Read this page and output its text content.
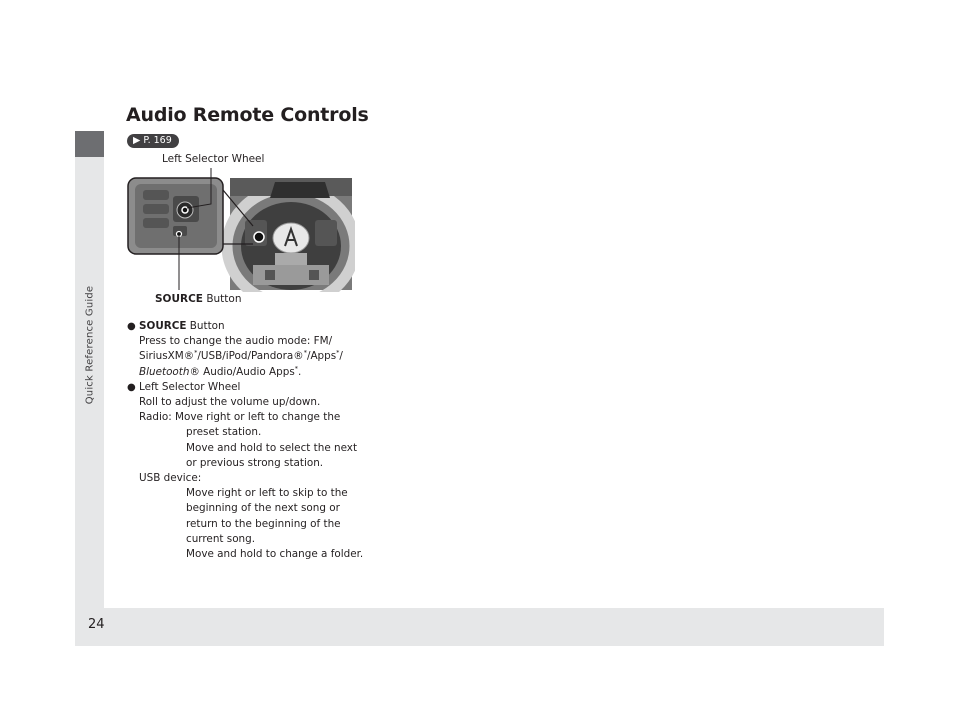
Quick Reference Guide
24
Audio Remote Controls
▶ P. 169
Left Selector Wheel
SOURCE Button
● SOURCE Button
Press to change the audio mode: FM/
SiriusXM®*/USB/iPod/Pandora®*/Apps*/
Bluetooth® Audio/Audio Apps*.
● Left Selector Wheel
Roll to adjust the volume up/down.
Radio: Move right or left to change the
preset station.
Move and hold to select the next
or previous strong station.
USB device:
Move right or left to skip to the
beginning of the next song or
return to the beginning of the
current song.
Move and hold to change a folder.
